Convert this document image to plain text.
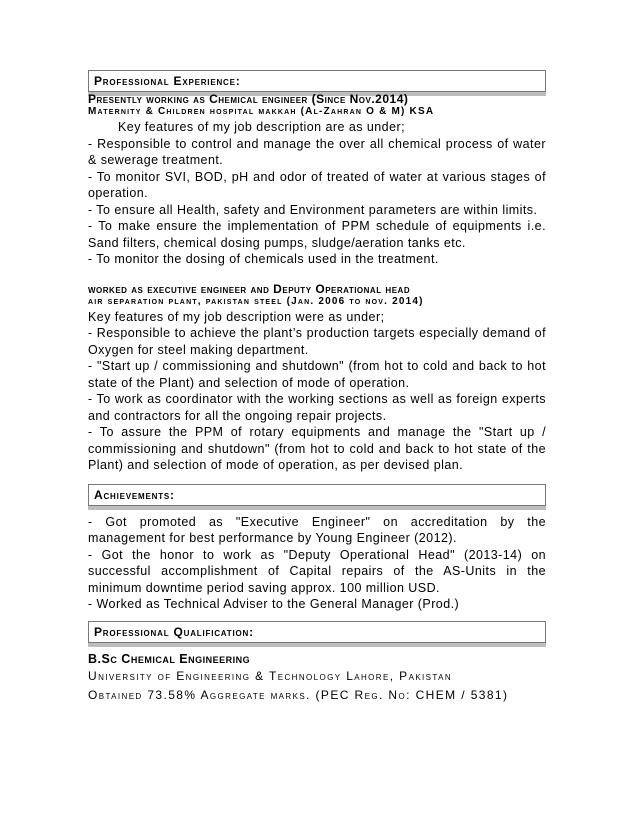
Professional Experience:
Presently working as Chemical engineer (Since Nov.2014)
Maternity & Children hospital makkah (Al-Zahran O & M) KSA
Key features of my job description are as under;
- Responsible to control and manage the over all chemical process of water & sewerage treatment.
- To monitor SVI, BOD, pH and odor of treated of water at various stages of operation.
- To ensure all Health, safety and Environment parameters are within limits.
- To make ensure the implementation of PPM schedule of equipments i.e. Sand filters, chemical dosing pumps, sludge/aeration tanks etc.
- To monitor the dosing of chemicals used in the treatment.
worked as executive engineer and Deputy Operational head
air separation plant, pakistan steel (Jan. 2006 to nov. 2014)
Key features of my job description were as under;
- Responsible to achieve the plant’s production targets especially demand of Oxygen for steel making department.
- "Start up / commissioning and shutdown" (from hot to cold and back to hot state of the Plant) and selection of mode of operation.
- To work as coordinator with the working sections as well as foreign experts and contractors for all the ongoing repair projects.
- To assure the PPM of rotary equipments and manage the "Start up / commissioning and shutdown" (from hot to cold and back to hot state of the Plant) and selection of mode of operation, as per devised plan.
Achievements:
- Got promoted as "Executive Engineer" on accreditation by the management for best performance by Young Engineer (2012).
- Got the honor to work as "Deputy Operational Head" (2013-14) on successful accomplishment of Capital repairs of the AS-Units in the minimum downtime period saving approx. 100 million USD.
- Worked as Technical Adviser to the General Manager (Prod.)
Professional Qualification:
B.Sc Chemical Engineering
University of Engineering & Technology Lahore, Pakistan
Obtained 73.58% Aggregate marks. (PEC Reg. No: CHEM / 5381)
